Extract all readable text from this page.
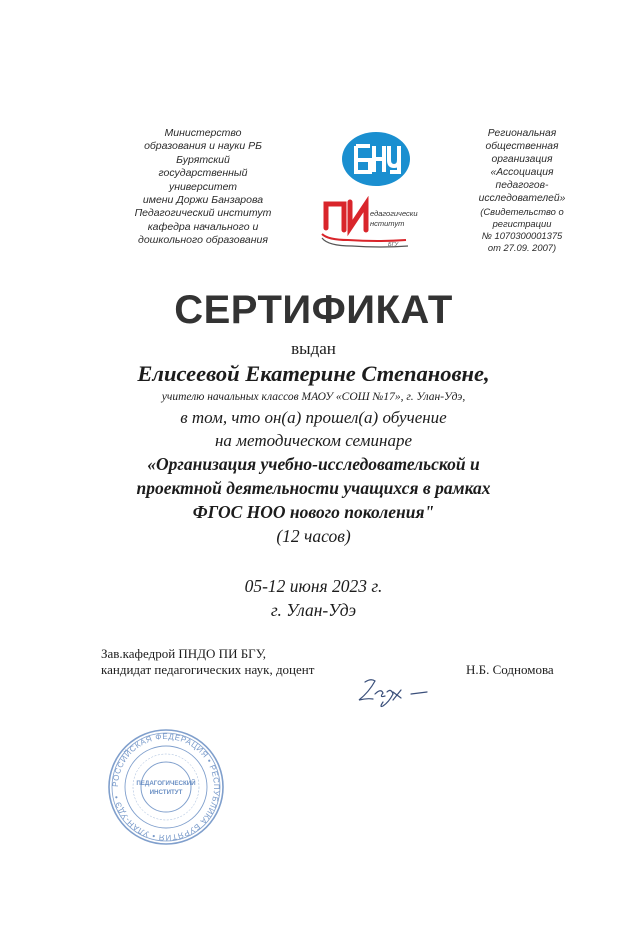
Министерство
образования и науки РБ
Бурятский
государственный
университет
имени Доржи Банзарова
Педагогический институт
кафедра начального и
дошкольного образования
БГУ
едагогический
нститут
БГУ
ПИ
Региональная
общественная
организация
«Ассоциация
педагогов-
исследователей»
(Свидетельство о
регистрации
№ 1070300001375
от 27.09. 2007)
СЕРТИФИКАТ
выдан
Елисеевой Екатерине Степановне,
учителю начальных классов МАОУ «СОШ №17», г. Улан-Удэ,
в том, что он(а) прошел(а) обучение
на методическом семинаре
«Организация учебно-исследовательской и
проектной деятельности учащихся в рамках
ФГОС НОО нового поколения"
(12 часов)
05-12 июня 2023 г.
г. Улан-Удэ
Зав.кафедрой ПНДО ПИ БГУ,
кандидат педагогических наук, доцент	Н.Б. Содномова
РОССИЙСКАЯ ФЕДЕРАЦИЯ • РЕСПУБЛИКА БУРЯТИЯ • УЛАН-УДЭ •
ПЕДАГОГИЧЕСКИЙ
ИНСТИТУТ
